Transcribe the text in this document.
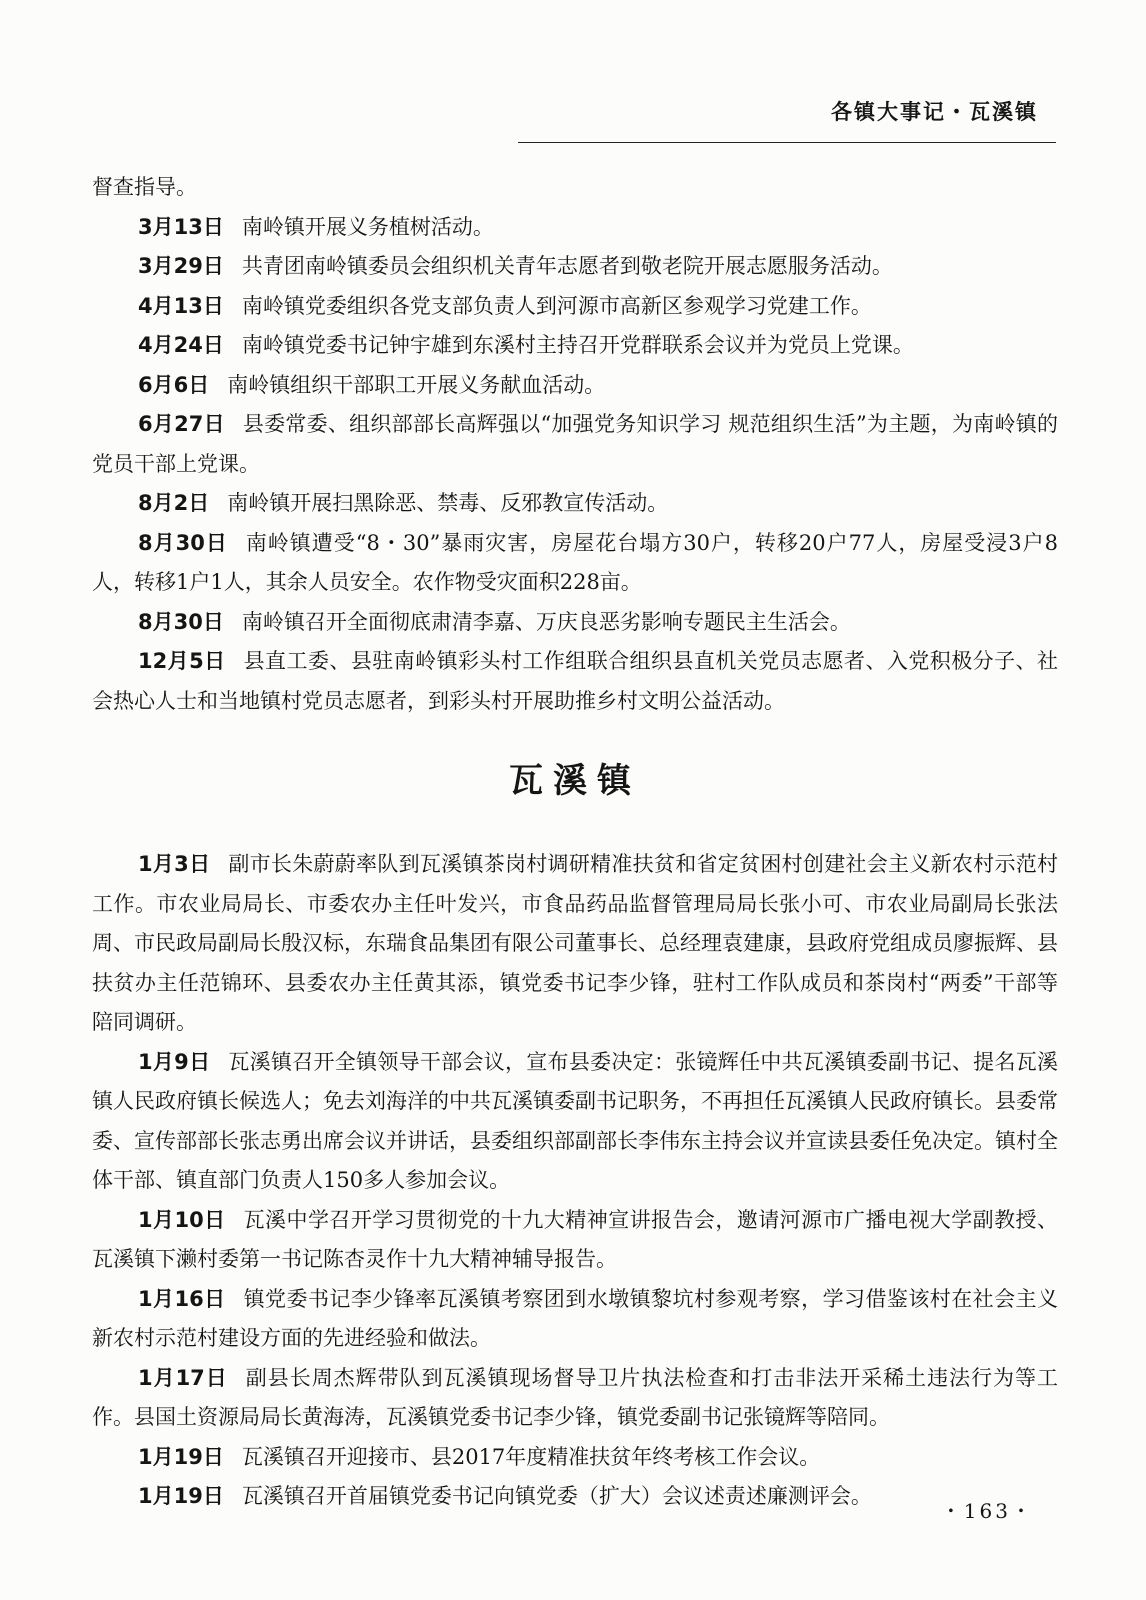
各镇大事记・瓦溪镇

督查指导。

3月13日 南岭镇开展义务植树活动。

3月29日 共青团南岭镇委员会组织机关青年志愿者到敬老院开展志愿服务活动。

4月13日 南岭镇党委组织各党支部负责人到河源市高新区参观学习党建工作。

4月24日 南岭镇党委书记钟宇雄到东溪村主持召开党群联系会议并为党员上党课。

6月6日 南岭镇组织干部职工开展义务献血活动。

6月27日 县委常委、组织部部长高辉强以“加强党务知识学习 规范组织生活”为主题，为南岭镇的党员干部上党课。

8月2日 南岭镇开展扫黑除恶、禁毒、反邪教宣传活动。

8月30日 南岭镇遭受“8・30”暴雨灾害，房屋花台塌方30户，转移20户77人，房屋受浸3户8人，转移1户1人，其余人员安全。农作物受灾面积228亩。

8月30日 南岭镇召开全面彻底肃清李嘉、万庆良恶劣影响专题民主生活会。

12月5日 县直工委、县驻南岭镇彩头村工作组联合组织县直机关党员志愿者、入党积极分子、社会热心人士和当地镇村党员志愿者，到彩头村开展助推乡村文明公益活动。

瓦溪镇

1月3日 副市长朱蔚蔚率队到瓦溪镇茶岗村调研精准扶贫和省定贫困村创建社会主义新农村示范村工作。市农业局局长、市委农办主任叶发兴，市食品药品监督管理局局长张小可、市农业局副局长张法周、市民政局副局长殷汉标，东瑞食品集团有限公司董事长、总经理袁建康，县政府党组成员廖振辉、县扶贫办主任范锦环、县委农办主任黄其添，镇党委书记李少锋，驻村工作队成员和茶岗村“两委”干部等陪同调研。

1月9日 瓦溪镇召开全镇领导干部会议，宣布县委决定：张镜辉任中共瓦溪镇委副书记、提名瓦溪镇人民政府镇长候选人；免去刘海洋的中共瓦溪镇委副书记职务，不再担任瓦溪镇人民政府镇长。县委常委、宣传部部长张志勇出席会议并讲话，县委组织部副部长李伟东主持会议并宣读县委任免决定。镇村全体干部、镇直部门负责人150多人参加会议。

1月10日 瓦溪中学召开学习贯彻党的十九大精神宣讲报告会，邀请河源市广播电视大学副教授、瓦溪镇下濑村委第一书记陈杏灵作十九大精神辅导报告。

1月16日 镇党委书记李少锋率瓦溪镇考察团到水墩镇黎坑村参观考察，学习借鉴该村在社会主义新农村示范村建设方面的先进经验和做法。

1月17日 副县长周杰辉带队到瓦溪镇现场督导卫片执法检查和打击非法开采稀土违法行为等工作。县国土资源局局长黄海涛，瓦溪镇党委书记李少锋，镇党委副书记张镜辉等陪同。

1月19日 瓦溪镇召开迎接市、县2017年度精准扶贫年终考核工作会议。

1月19日 瓦溪镇召开首届镇党委书记向镇党委（扩大）会议述责述廉测评会。

・163・
